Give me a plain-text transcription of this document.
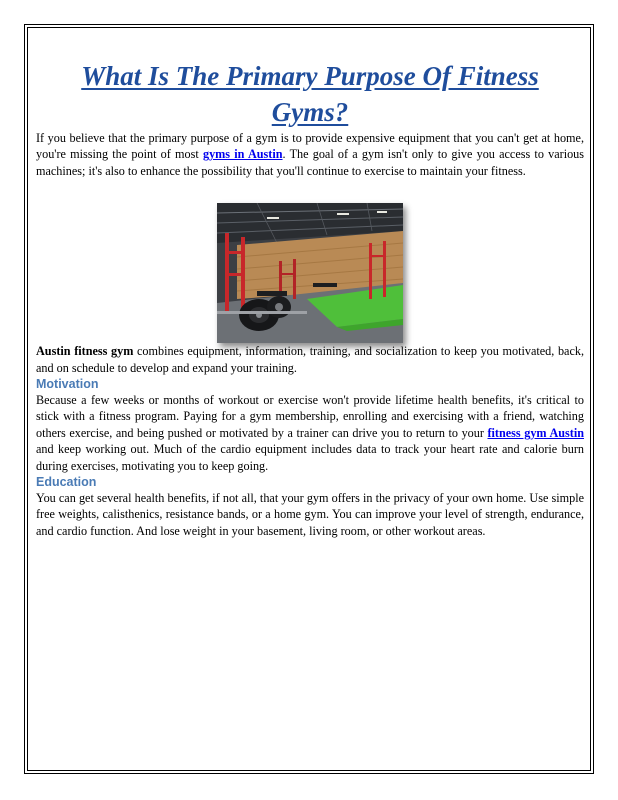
What Is The Primary Purpose Of Fitness Gyms?

If you believe that the primary purpose of a gym is to provide expensive equipment that you can't get at home, you're missing the point of most gyms in Austin. The goal of a gym isn't only to give you access to various machines; it's also to enhance the possibility that you'll continue to exercise to maintain your fitness.

Austin fitness gym combines equipment, information, training, and socialization to keep you motivated, back, and on schedule to develop and expand your training.

Motivation

Because a few weeks or months of workout or exercise won't provide lifetime health benefits, it's critical to stick with a fitness program. Paying for a gym membership, enrolling and exercising with a friend, watching others exercise, and being pushed or motivated by a trainer can drive you to return to your fitness gym Austin and keep working out. Much of the cardio equipment includes data to track your heart rate and calorie burn during exercises, motivating you to keep going.

Education

You can get several health benefits, if not all, that your gym offers in the privacy of your own home. Use simple free weights, calisthenics, resistance bands, or a home gym. You can improve your level of strength, endurance, and cardio function. And lose weight in your basement, living room, or other workout areas.
